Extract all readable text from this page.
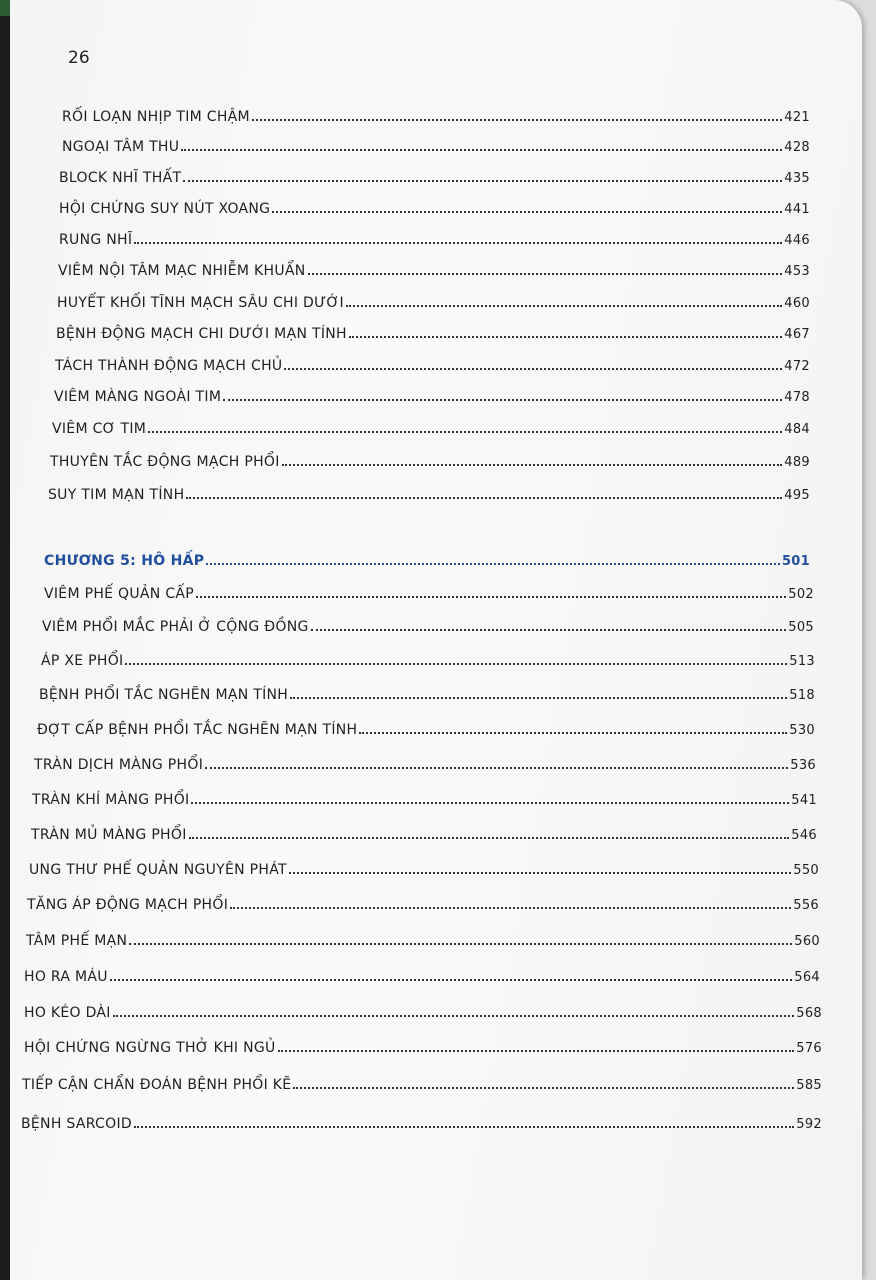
26
RỐI LOẠN NHỊP TIM CHẬM	421
NGOẠI TÂM THU	428
BLOCK NHĨ THẤT	435
HỘI CHỨNG SUY NÚT XOANG	441
RUNG NHĨ	446
VIÊM NỘI TÂM MẠC NHIỄM KHUẨN	453
HUYẾT KHỐI TĨNH MẠCH SÂU CHI DƯỚI	460
BỆNH ĐỘNG MẠCH CHI DƯỚI MẠN TÍNH	467
TÁCH THÀNH ĐỘNG MẠCH CHỦ	472
VIÊM MÀNG NGOÀI TIM	478
VIÊM CƠ TIM	484
THUYÊN TẮC ĐỘNG MẠCH PHỔI	489
SUY TIM MẠN TÍNH	495
CHƯƠNG 5: HÔ HẤP	501
VIÊM PHẾ QUẢN CẤP	502
VIÊM PHỔI MẮC PHẢI Ở CỘNG ĐỒNG	505
ÁP XE PHỔI	513
BỆNH PHỔI TẮC NGHẼN MẠN TÍNH	518
ĐỢT CẤP BỆNH PHỔI TẮC NGHẼN MẠN TÍNH	530
TRÀN DỊCH MÀNG PHỔI	536
TRÀN KHÍ MÀNG PHỔI	541
TRÀN MỦ MÀNG PHỔI	546
UNG THƯ PHẾ QUẢN NGUYÊN PHÁT	550
TĂNG ÁP ĐỘNG MẠCH PHỔI	556
TÂM PHẾ MẠN	560
HO RA MÁU	564
HO KÉO DÀI	568
HỘI CHỨNG NGỪNG THỞ KHI NGỦ	576
TIẾP CẬN CHẨN ĐOÁN BỆNH PHỔI KẼ	585
BỆNH SARCOID	592
